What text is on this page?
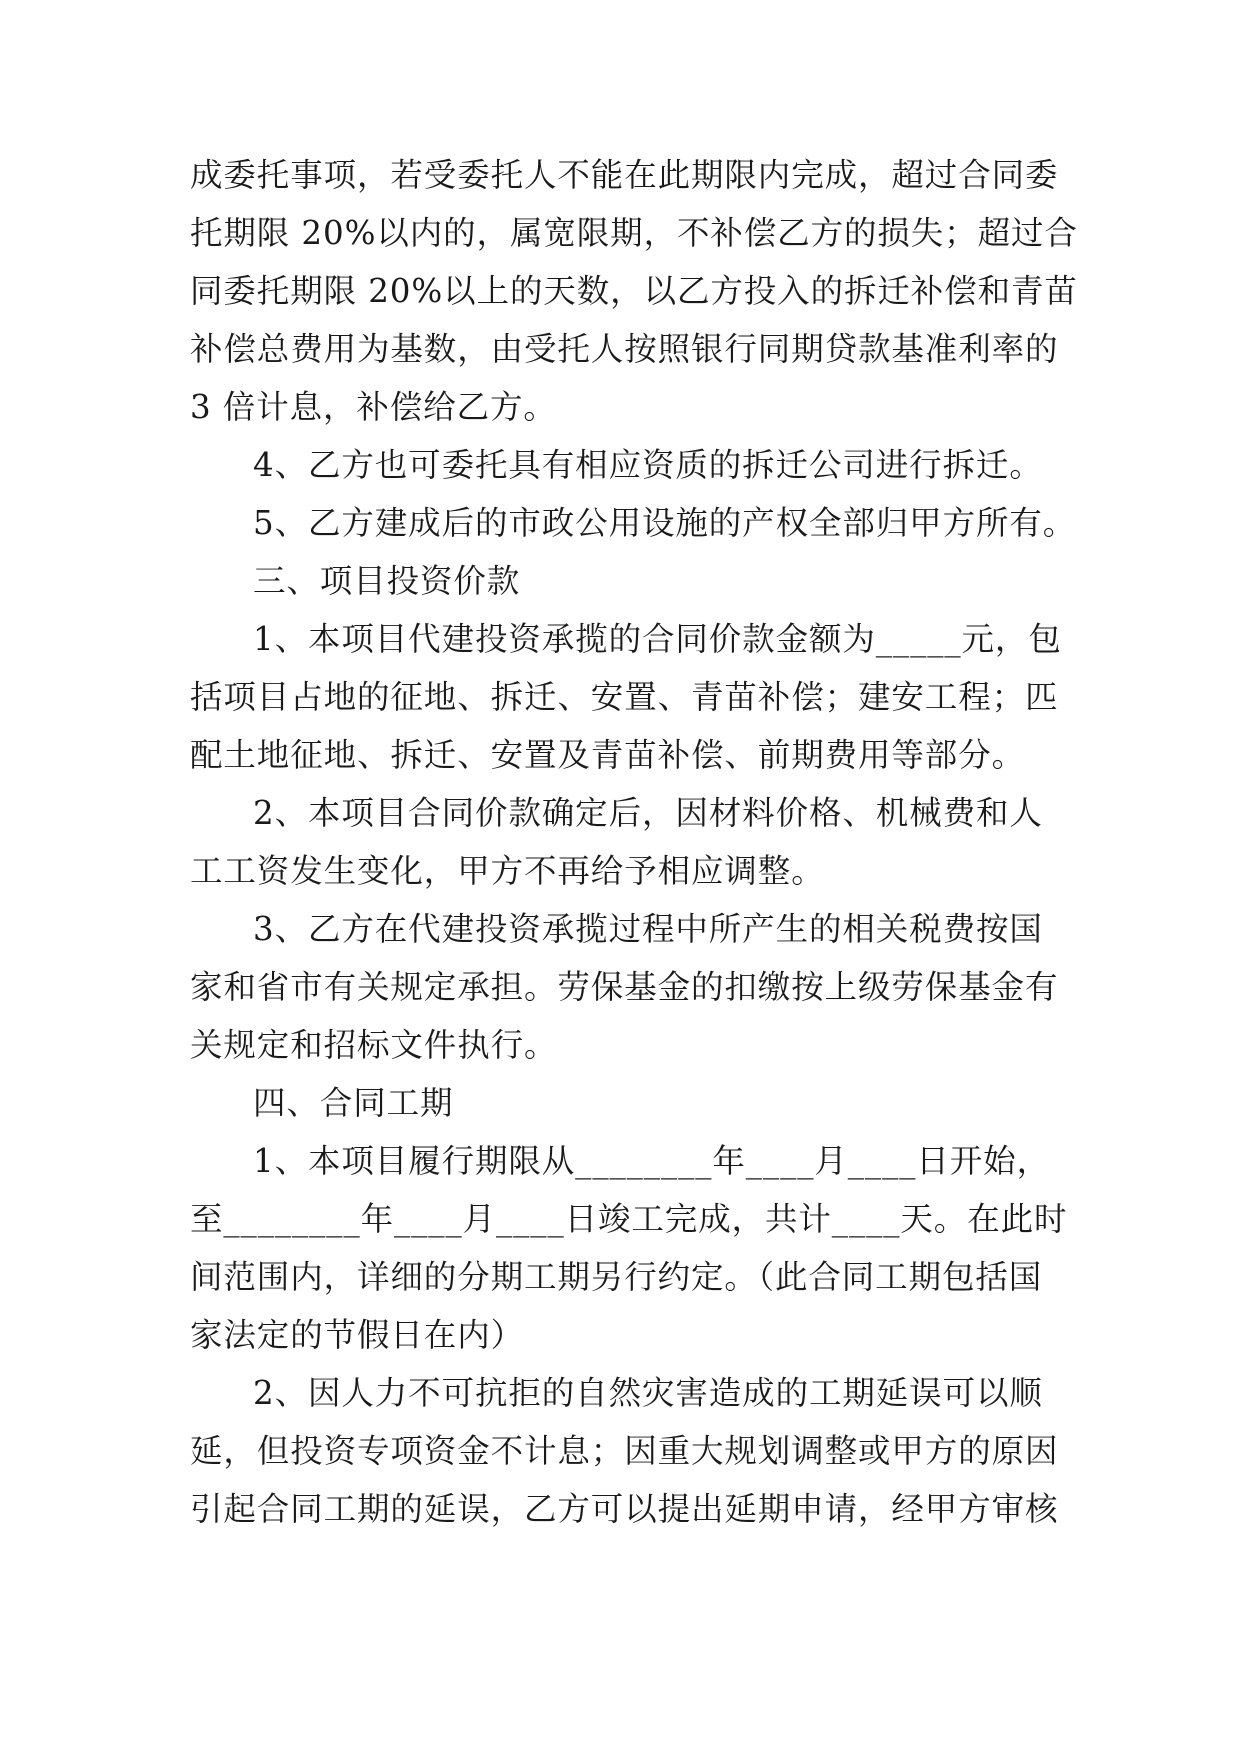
成委托事项，若受委托人不能在此期限内完成，超过合同委
托期限 20%以内的，属宽限期，不补偿乙方的损失；超过合
同委托期限 20%以上的天数，以乙方投入的拆迁补偿和青苗
补偿总费用为基数，由受托人按照银行同期贷款基准利率的
3 倍计息，补偿给乙方。
4、乙方也可委托具有相应资质的拆迁公司进行拆迁。
5、乙方建成后的市政公用设施的产权全部归甲方所有。
三、项目投资价款
1、本项目代建投资承揽的合同价款金额为_____元，包
括项目占地的征地、拆迁、安置、青苗补偿；建安工程；匹
配土地征地、拆迁、安置及青苗补偿、前期费用等部分。
2、本项目合同价款确定后，因材料价格、机械费和人
工工资发生变化，甲方不再给予相应调整。
3、乙方在代建投资承揽过程中所产生的相关税费按国
家和省市有关规定承担。劳保基金的扣缴按上级劳保基金有
关规定和招标文件执行。
四、合同工期
1、本项目履行期限从________年____月____日开始，
至________年____月____日竣工完成，共计____天。在此时
间范围内，详细的分期工期另行约定。（此合同工期包括国
家法定的节假日在内）
2、因人力不可抗拒的自然灾害造成的工期延误可以顺
延，但投资专项资金不计息；因重大规划调整或甲方的原因
引起合同工期的延误，乙方可以提出延期申请，经甲方审核
